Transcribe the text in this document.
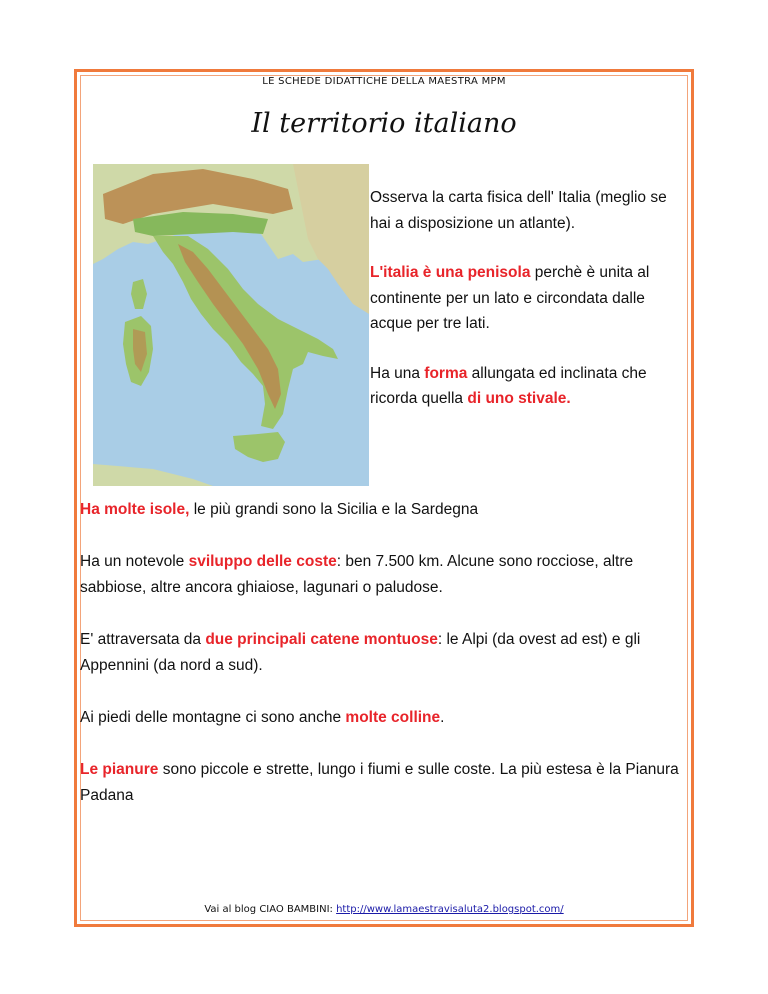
LE SCHEDE DIDATTICHE DELLA MAESTRA MPM
Il territorio italiano

Osserva la carta fisica dell' Italia (meglio se hai a disposizione un atlante).

L'italia è una penisola perchè è unita al continente per un lato e circondata dalle acque per tre lati.

Ha una forma allungata ed inclinata che ricorda quella di uno stivale.

Ha molte isole, le più grandi sono la Sicilia e la Sardegna

Ha un notevole sviluppo delle coste: ben 7.500 km. Alcune sono rocciose, altre sabbiose, altre ancora ghiaiose, lagunari o paludose.

E' attraversata da due principali catene montuose: le Alpi (da ovest ad est) e gli Appennini (da nord a sud).

Ai piedi delle montagne ci sono anche molte colline.

Le pianure sono piccole e strette, lungo i fiumi e sulle coste. La più estesa è la Pianura Padana

Vai al blog CIAO BAMBINI: http://www.lamaestravisaluta2.blogspot.com/
